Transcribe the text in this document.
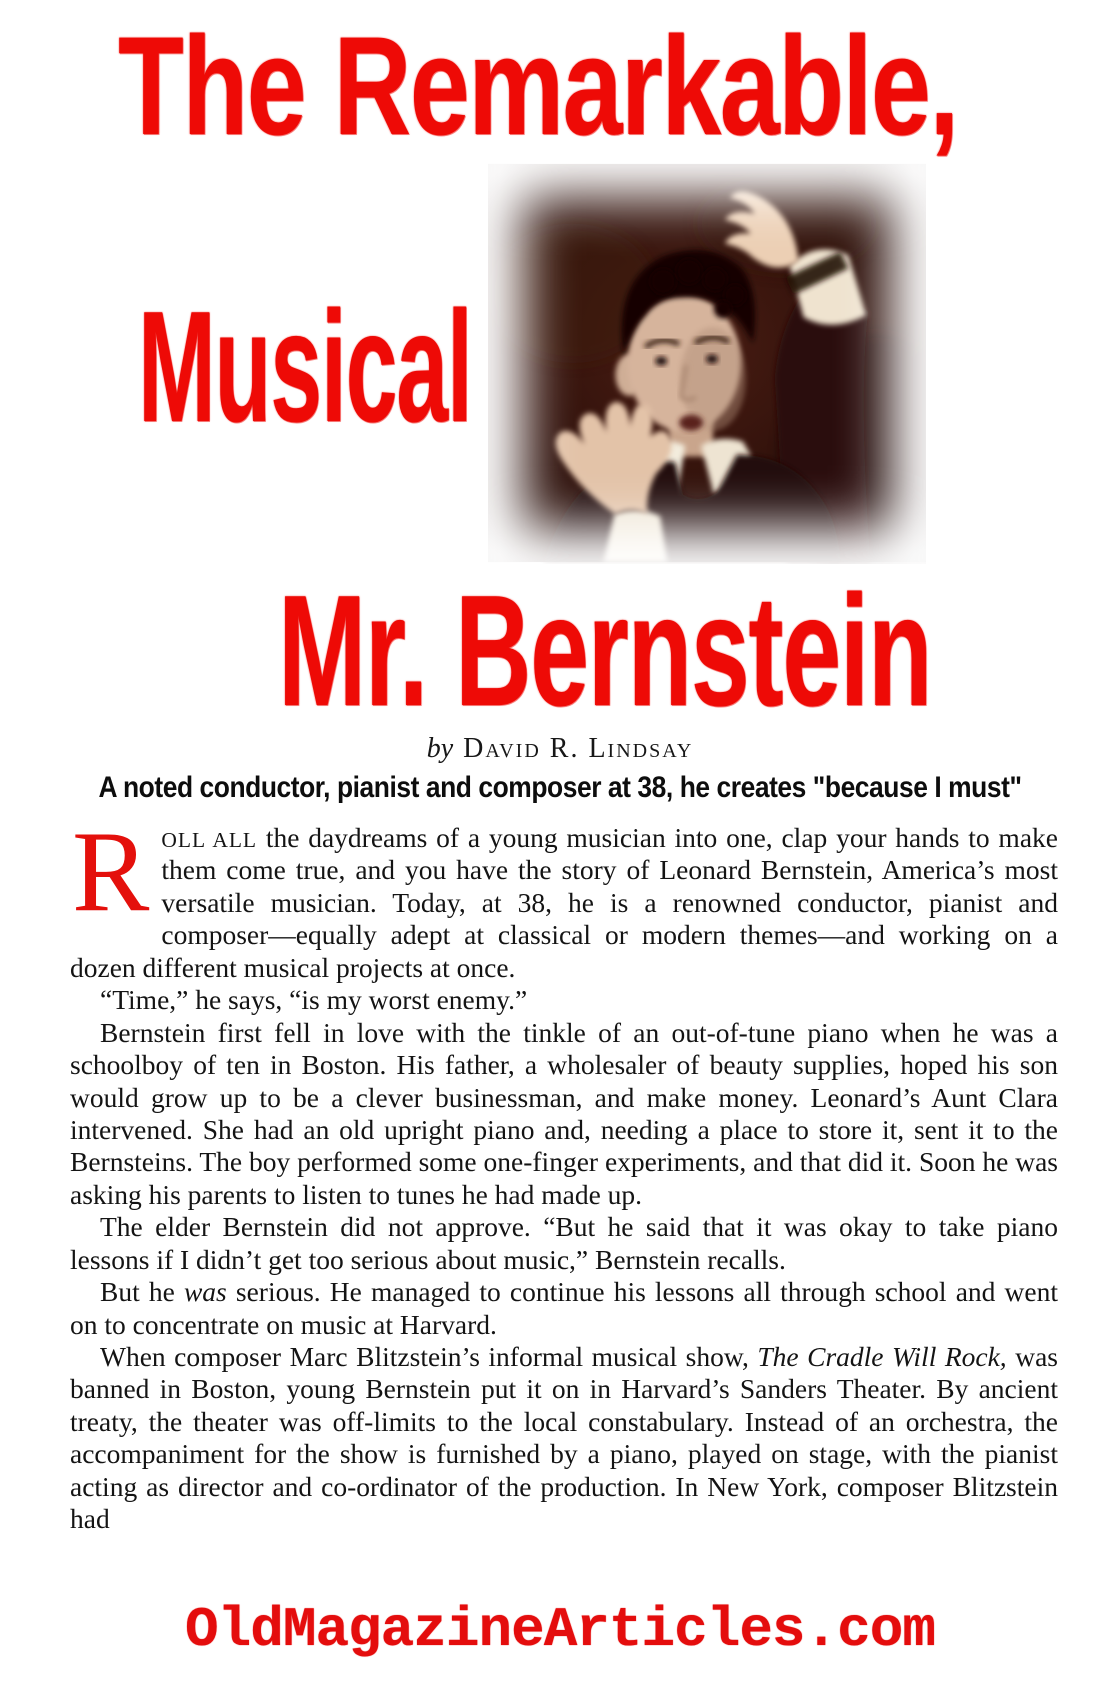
The Remarkable,
Musical
Mr. Bernstein
by David R. Lindsay
A noted conductor, pianist and composer at 38, he creates "because I must"

ROLL ALL the daydreams of a young musician into one, clap your hands to make them come true, and you have the story of Leonard Bernstein, America’s most versatile musician. Today, at 38, he is a renowned conductor, pianist and composer—equally adept at classical or modern themes—and working on a dozen different musical projects at once.

“Time,” he says, “is my worst enemy.”

Bernstein first fell in love with the tinkle of an out-of-tune piano when he was a schoolboy of ten in Boston. His father, a wholesaler of beauty supplies, hoped his son would grow up to be a clever businessman, and make money. Leonard’s Aunt Clara intervened. She had an old upright piano and, needing a place to store it, sent it to the Bernsteins. The boy performed some one-finger experiments, and that did it. Soon he was asking his parents to listen to tunes he had made up.

The elder Bernstein did not approve. “But he said that it was okay to take piano lessons if I didn’t get too serious about music,” Bernstein recalls.

But he was serious. He managed to continue his lessons all through school and went on to concentrate on music at Harvard.

When composer Marc Blitzstein’s informal musical show, The Cradle Will Rock, was banned in Boston, young Bernstein put it on in Harvard’s Sanders Theater. By ancient treaty, the theater was off-limits to the local constabulary. Instead of an orchestra, the accompaniment for the show is furnished by a piano, played on stage, with the pianist acting as director and co-ordinator of the production. In New York, composer Blitzstein had

OldMagazineArticles.com
